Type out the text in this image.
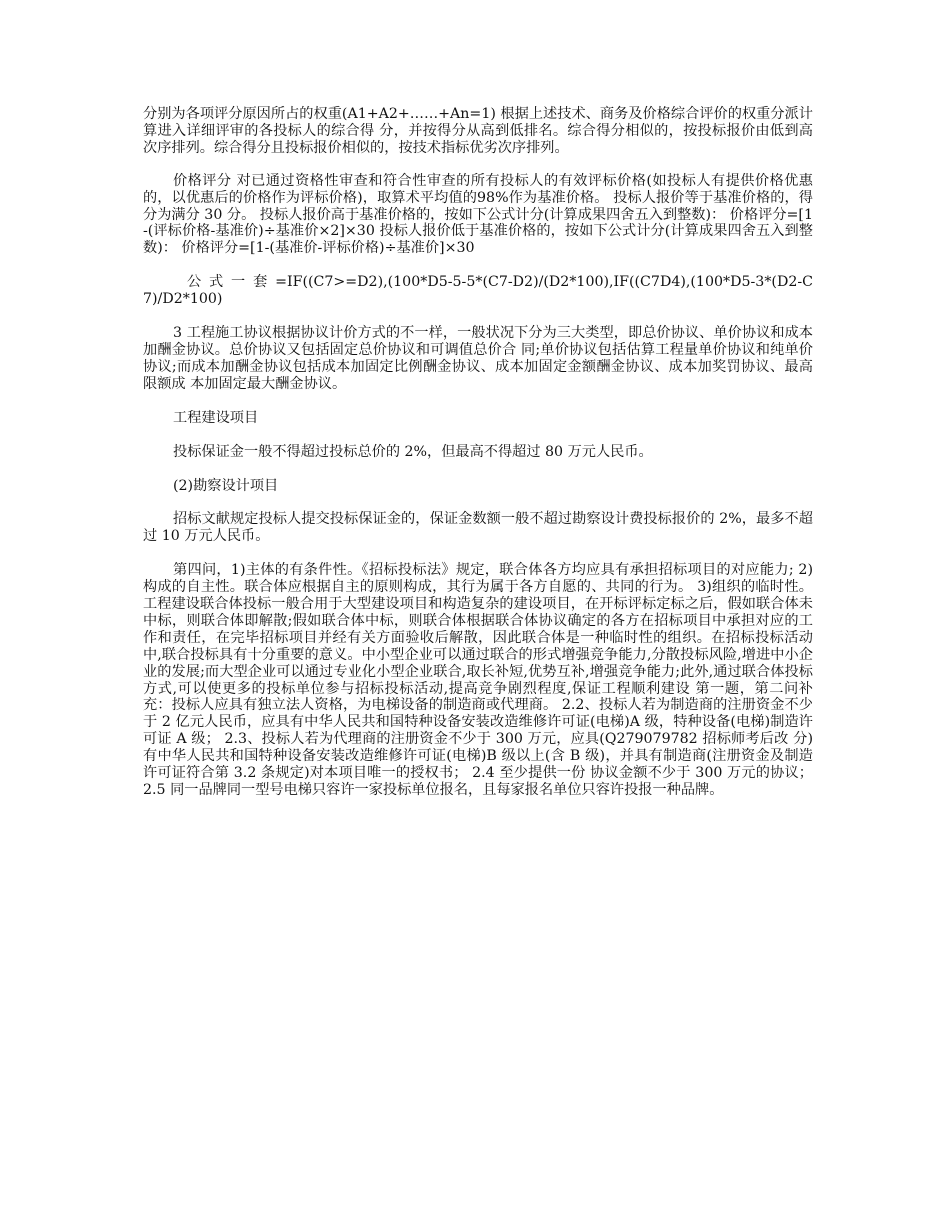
分别为各项评分原因所占的权重(A1+A2+……+An=1) 根据上述技术、商务及价格综合评价的权重分派计算进入详细评审的各投标人的综合得 分，并按得分从高到低排名。综合得分相似的，按投标报价由低到高次序排列。综合得分且投标报价相似的，按技术指标优劣次序排列。

价格评分 对已通过资格性审查和符合性审查的所有投标人的有效评标价格(如投标人有提供价格优惠的，以优惠后的价格作为评标价格)，取算术平均值的98%作为基准价格。 投标人报价等于基准价格的，得分为满分 30 分。 投标人报价高于基准价格的，按如下公式计分(计算成果四舍五入到整数)： 价格评分=[1-(评标价格-基准价)÷基准价×2]×30 投标人报价低于基准价格的，按如下公式计分(计算成果四舍五入到整数)： 价格评分=[1-(基准价-评标价格)÷基准价]×30

公 式 一 套 =IF((C7>=D2),(100*D5-5-5*(C7-D2)/(D2*100),IF((C7D4),(100*D5-3*(D2-C7)/D2*100)

3 工程施工协议根据协议计价方式的不一样，一般状况下分为三大类型，即总价协议、单价协议和成本加酬金协议。总价协议又包括固定总价协议和可调值总价合 同;单价协议包括估算工程量单价协议和纯单价协议;而成本加酬金协议包括成本加固定比例酬金协议、成本加固定金额酬金协议、成本加奖罚协议、最高限额成 本加固定最大酬金协议。

工程建设项目

投标保证金一般不得超过投标总价的 2%，但最高不得超过 80 万元人民币。

(2)勘察设计项目

招标文献规定投标人提交投标保证金的，保证金数额一般不超过勘察设计费投标报价的 2%，最多不超过 10 万元人民币。

第四问，1)主体的有条件性。《招标投标法》规定，联合体各方均应具有承担招标项目的对应能力; 2)构成的自主性。联合体应根据自主的原则构成，其行为属于各方自愿的、共同的行为。 3)组织的临时性。工程建设联合体投标一般合用于大型建设项目和构造复杂的建设项目，在开标评标定标之后，假如联合体未中标，则联合体即解散;假如联合体中标，则联合体根据联合体协议确定的各方在招标项目中承担对应的工作和责任，在完毕招标项目并经有关方面验收后解散，因此联合体是一种临时性的组织。在招标投标活动中,联合投标具有十分重要的意义。中小型企业可以通过联合的形式增强竞争能力,分散投标风险,增进中小企业的发展;而大型企业可以通过专业化小型企业联合,取长补短,优势互补,增强竞争能力;此外,通过联合体投标方式,可以使更多的投标单位参与招标投标活动,提高竞争剧烈程度,保证工程顺利建设 第一题，第二问补充：投标人应具有独立法人资格，为电梯设备的制造商或代理商。 2.2、投标人若为制造商的注册资金不少于 2 亿元人民币，应具有中华人民共和国特种设备安装改造维修许可证(电梯)A 级，特种设备(电梯)制造许可证 A 级； 2.3、投标人若为代理商的注册资金不少于 300 万元，应具(Q279079782 招标师考后改 分)有中华人民共和国特种设备安装改造维修许可证(电梯)B 级以上(含 B 级)，并具有制造商(注册资金及制造许可证符合第 3.2 条规定)对本项目唯一的授权书； 2.4 至少提供一份 协议金额不少于 300 万元的协议； 2.5 同一品牌同一型号电梯只容许一家投标单位报名，且每家报名单位只容许投报一种品牌。
